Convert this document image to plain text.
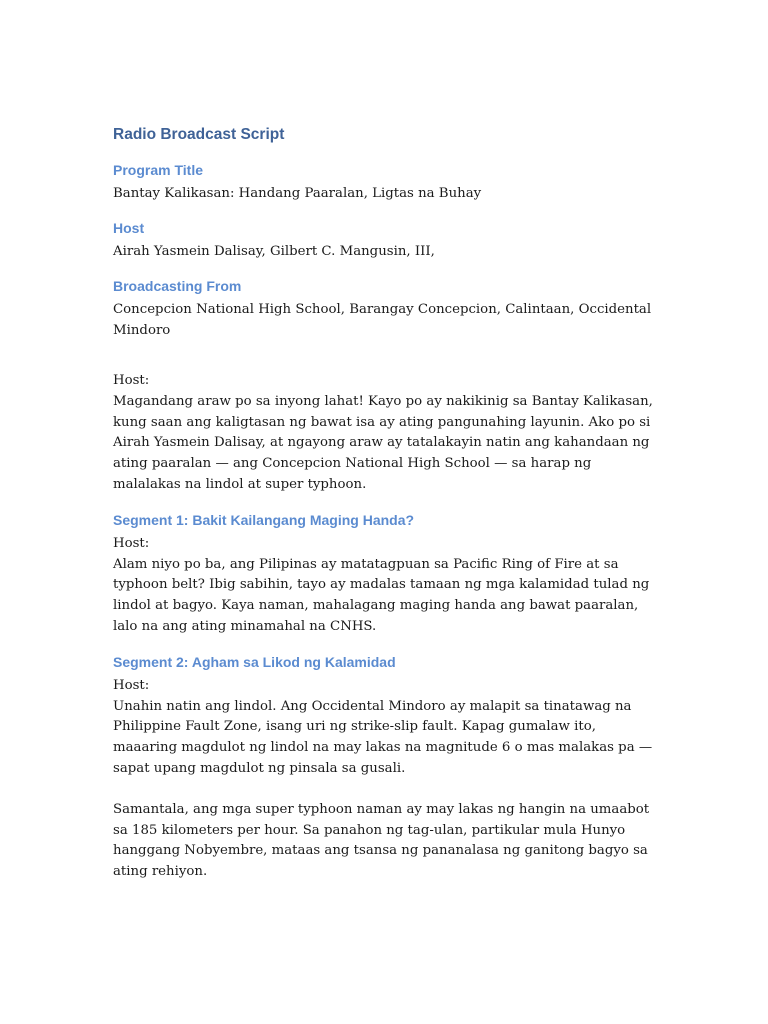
Radio Broadcast Script
Program Title
Bantay Kalikasan: Handang Paaralan, Ligtas na Buhay
Host
Airah Yasmein Dalisay, Gilbert C. Mangusin, III,
Broadcasting From
Concepcion National High School, Barangay Concepcion, Calintaan, Occidental Mindoro
Host:

Magandang araw po sa inyong lahat! Kayo po ay nakikinig sa Bantay Kalikasan, kung saan ang kaligtasan ng bawat isa ay ating pangunahing layunin. Ako po si Airah Yasmein Dalisay, at ngayong araw ay tatalakayin natin ang kahandaan ng ating paaralan — ang Concepcion National High School — sa harap ng malalakas na lindol at super typhoon.

Segment 1: Bakit Kailangang Maging Handa?
Host:

Alam niyo po ba, ang Pilipinas ay matatagpuan sa Pacific Ring of Fire at sa typhoon belt? Ibig sabihin, tayo ay madalas tamaan ng mga kalamidad tulad ng lindol at bagyo. Kaya naman, mahalagang maging handa ang bawat paaralan, lalo na ang ating minamahal na CNHS.

Segment 2: Agham sa Likod ng Kalamidad
Host:

Unahin natin ang lindol. Ang Occidental Mindoro ay malapit sa tinatawag na Philippine Fault Zone, isang uri ng strike-slip fault. Kapag gumalaw ito, maaaring magdulot ng lindol na may lakas na magnitude 6 o mas malakas pa — sapat upang magdulot ng pinsala sa gusali.

Samantala, ang mga super typhoon naman ay may lakas ng hangin na umaabot sa 185 kilometers per hour. Sa panahon ng tag-ulan, partikular mula Hunyo hanggang Nobyembre, mataas ang tsansa ng pananalasa ng ganitong bagyo sa ating rehiyon.
